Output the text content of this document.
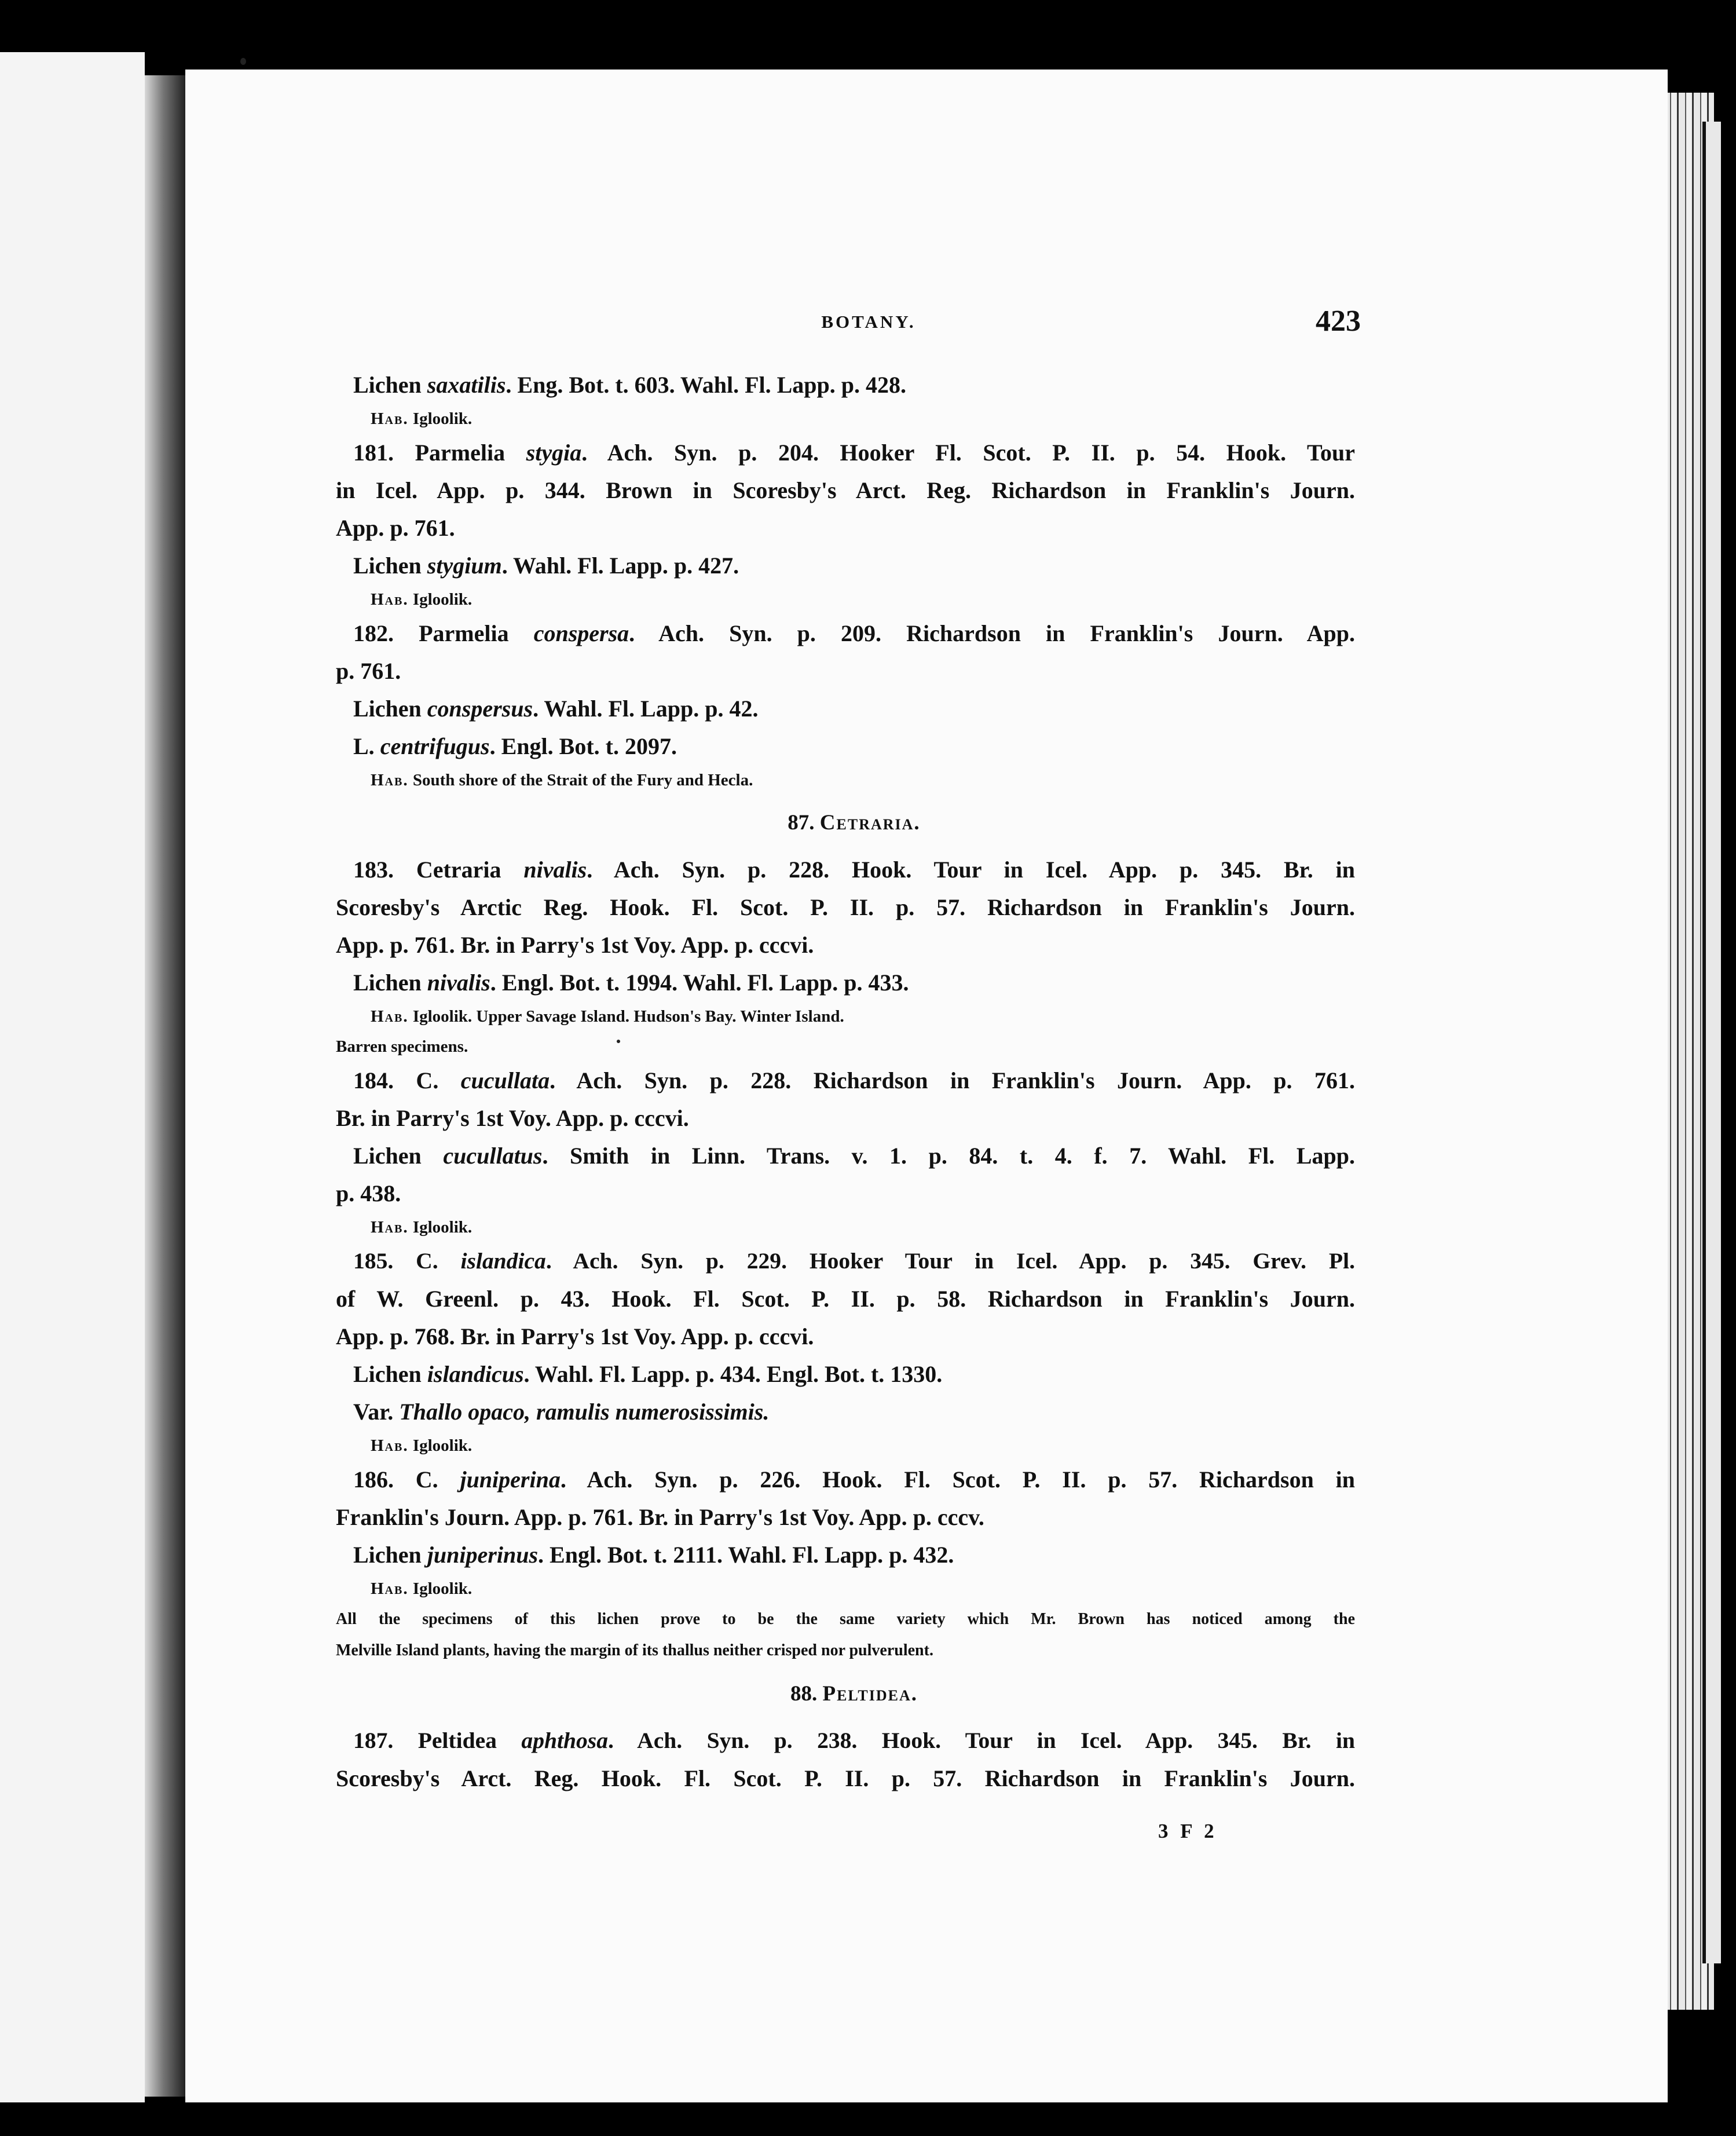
BOTANY.	423
Lichen saxatilis. Eng. Bot. t. 603. Wahl. Fl. Lapp. p. 428.
Hab. Igloolik.
181. Parmelia stygia. Ach. Syn. p. 204. Hooker Fl. Scot. P. II. p. 54. Hook. Tour
in Icel. App. p. 344. Brown in Scoresby's Arct. Reg. Richardson in Franklin's Journ.
App. p. 761.
Lichen stygium. Wahl. Fl. Lapp. p. 427.
Hab. Igloolik.
182. Parmelia conspersa. Ach. Syn. p. 209. Richardson in Franklin's Journ. App.
p. 761.
Lichen conspersus. Wahl. Fl. Lapp. p. 42.
L. centrifugus. Engl. Bot. t. 2097.
Hab. South shore of the Strait of the Fury and Hecla.
87. Cetraria.
183. Cetraria nivalis. Ach. Syn. p. 228. Hook. Tour in Icel. App. p. 345. Br. in
Scoresby's Arctic Reg. Hook. Fl. Scot. P. II. p. 57. Richardson in Franklin's Journ.
App. p. 761. Br. in Parry's 1st Voy. App. p. cccvi.
Lichen nivalis. Engl. Bot. t. 1994. Wahl. Fl. Lapp. p. 433.
Hab. Igloolik. Upper Savage Island. Hudson's Bay. Winter Island.
Barren specimens.
184. C. cucullata. Ach. Syn. p. 228. Richardson in Franklin's Journ. App. p. 761.
Br. in Parry's 1st Voy. App. p. cccvi.
Lichen cucullatus. Smith in Linn. Trans. v. 1. p. 84. t. 4. f. 7. Wahl. Fl. Lapp.
p. 438.
Hab. Igloolik.
185. C. islandica. Ach. Syn. p. 229. Hooker Tour in Icel. App. p. 345. Grev. Pl.
of W. Greenl. p. 43. Hook. Fl. Scot. P. II. p. 58. Richardson in Franklin's Journ.
App. p. 768. Br. in Parry's 1st Voy. App. p. cccvi.
Lichen islandicus. Wahl. Fl. Lapp. p. 434. Engl. Bot. t. 1330.
Var. Thallo opaco, ramulis numerosissimis.
Hab. Igloolik.
186. C. juniperina. Ach. Syn. p. 226. Hook. Fl. Scot. P. II. p. 57. Richardson in
Franklin's Journ. App. p. 761. Br. in Parry's 1st Voy. App. p. cccv.
Lichen juniperinus. Engl. Bot. t. 2111. Wahl. Fl. Lapp. p. 432.
Hab. Igloolik.
All the specimens of this lichen prove to be the same variety which Mr. Brown has noticed among the
Melville Island plants, having the margin of its thallus neither crisped nor pulverulent.
88. Peltidea.
187. Peltidea aphthosa. Ach. Syn. p. 238. Hook. Tour in Icel. App. 345. Br. in
Scoresby's Arct. Reg. Hook. Fl. Scot. P. II. p. 57. Richardson in Franklin's Journ.
3 F 2
